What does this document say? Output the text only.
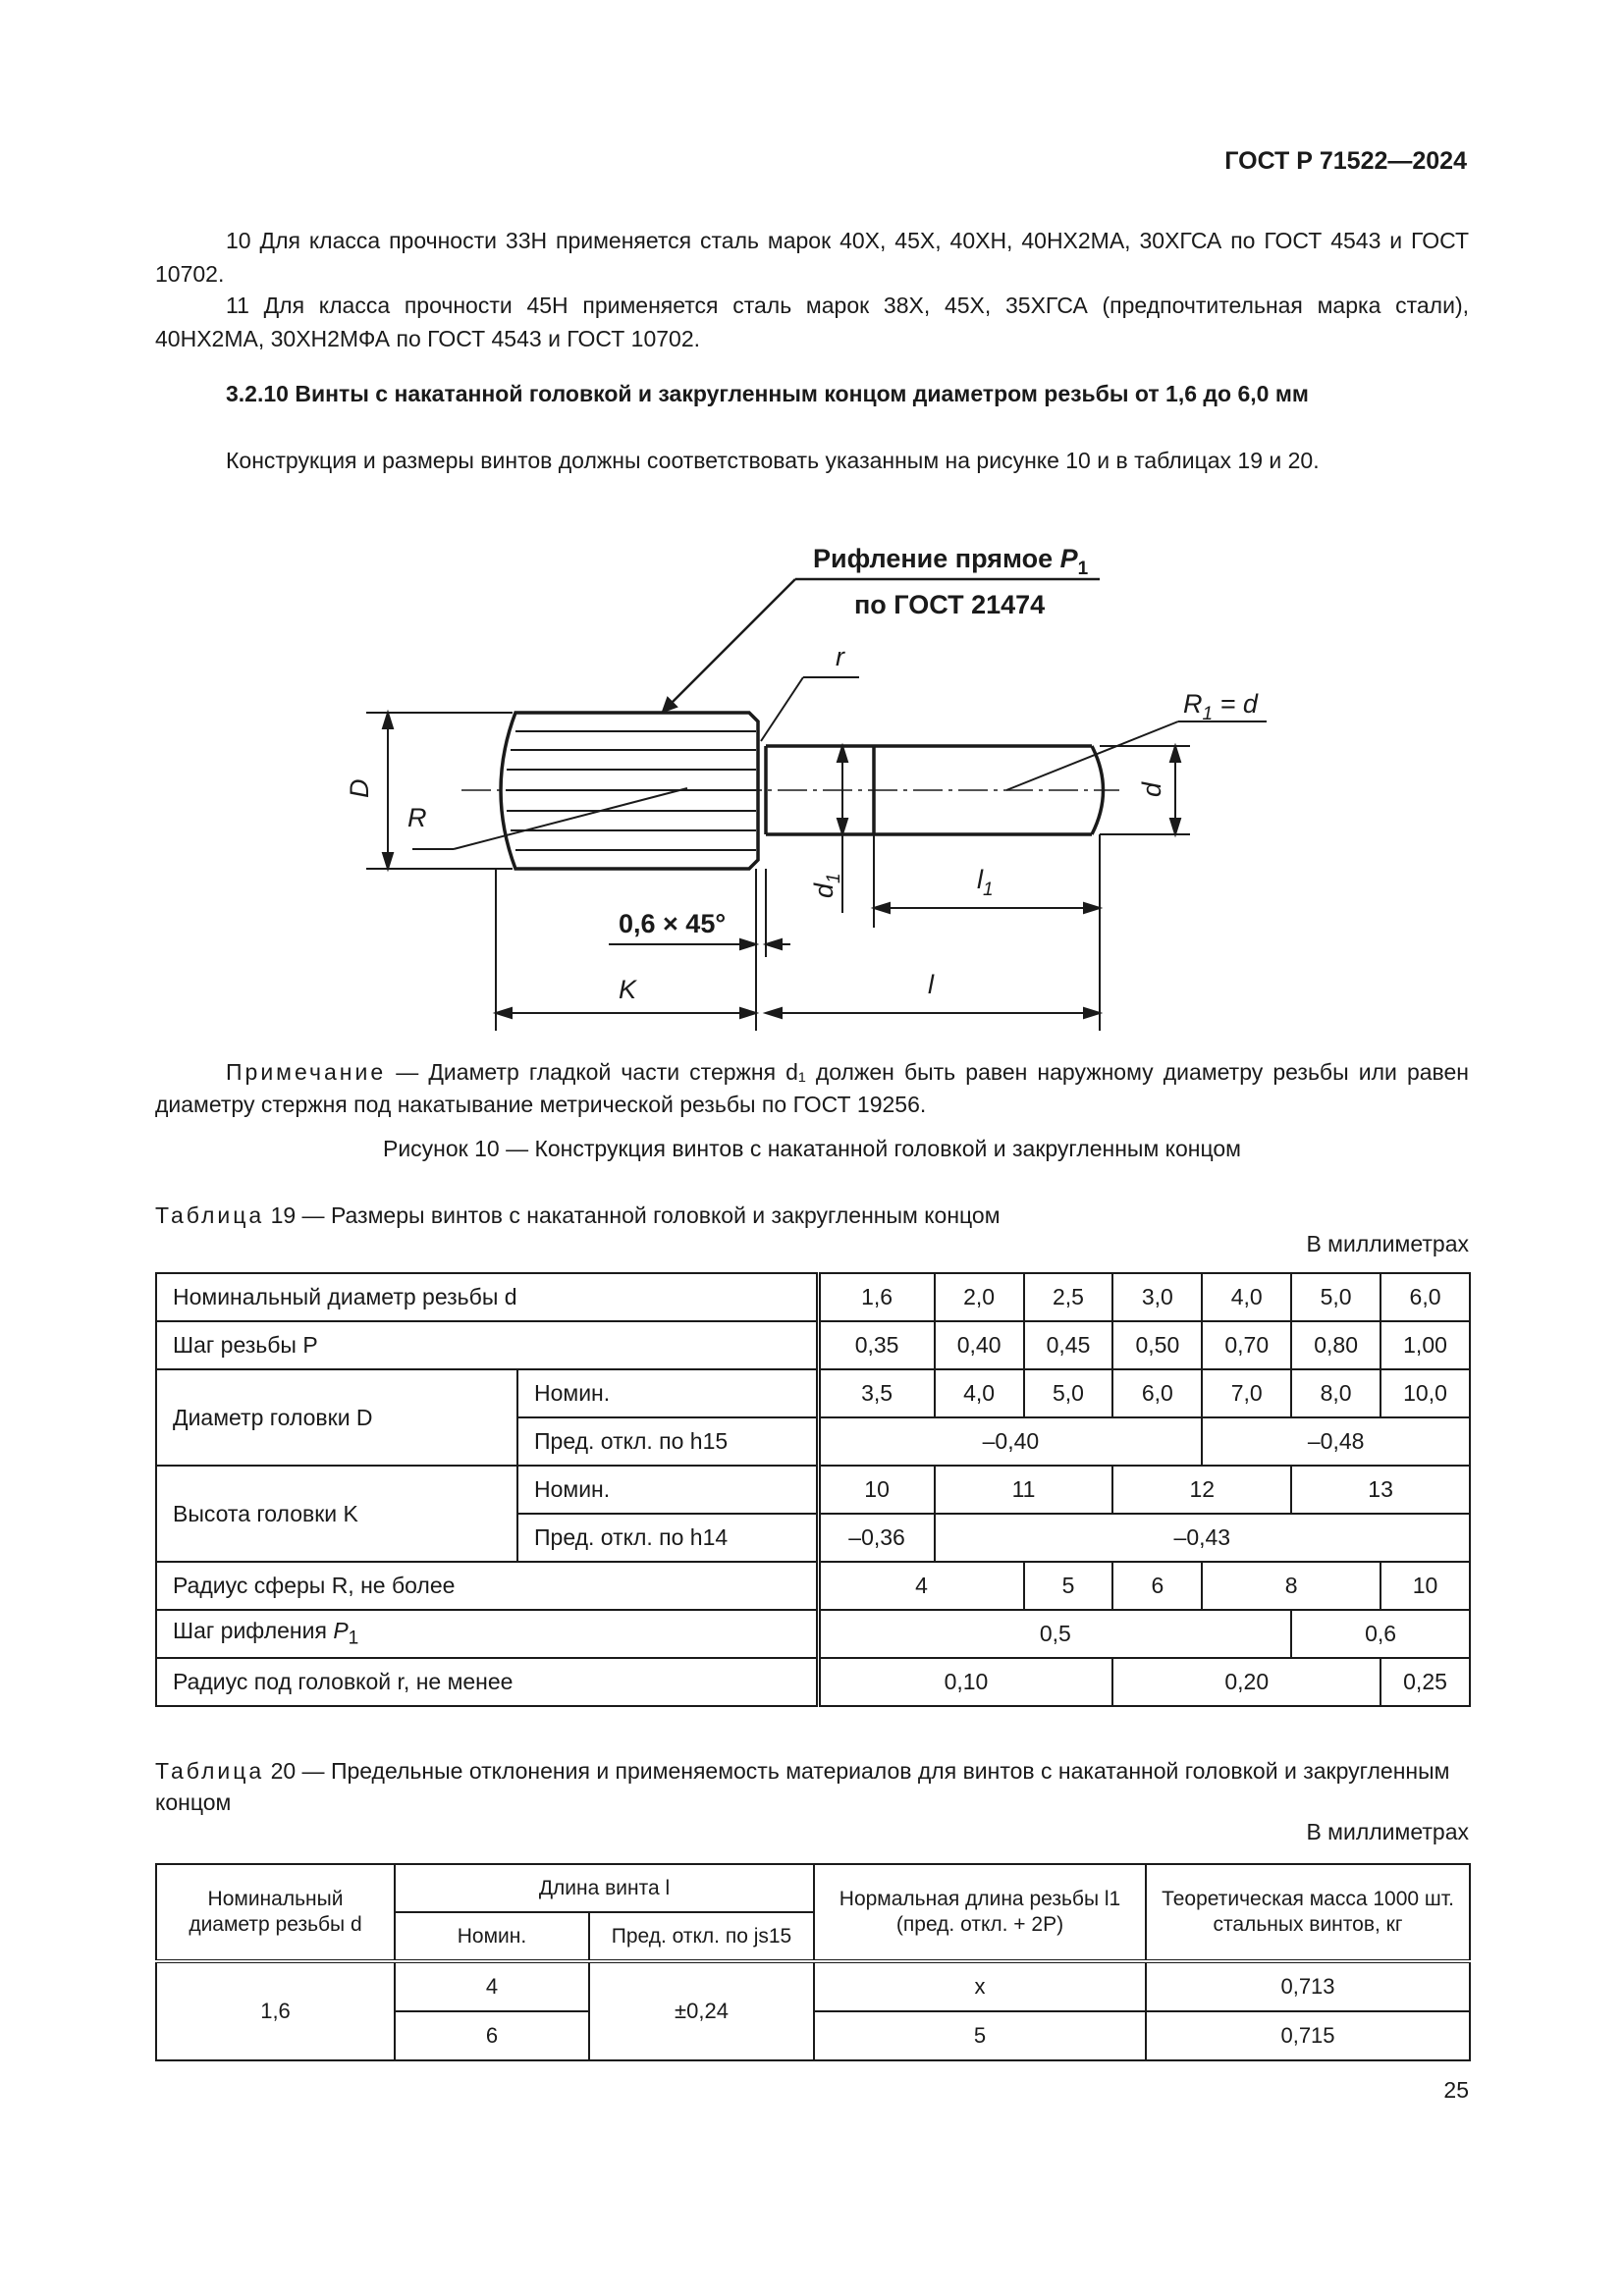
ГОСТ Р 71522—2024
10 Для класса прочности 33Н применяется сталь марок 40Х, 45Х, 40ХН, 40НХ2МА, 30ХГСА по ГОСТ 4543 и ГОСТ 10702.
11 Для класса прочности 45Н применяется сталь марок 38Х, 45Х, 35ХГСА (предпочтительная марка стали), 40НХ2МА, 30ХН2МФА по ГОСТ 4543 и ГОСТ 10702.
3.2.10 Винты с накатанной головкой и закругленным концом диаметром резьбы от 1,6 до 6,0 мм
Конструкция и размеры винтов должны соответствовать указанным на рисунке 10 и в таблицах 19 и 20.
Рифление прямое $P_1$
по ГОСТ 21474
r
$R_1 = d$
D
R
d
$d_1$	$l_1$
0,6 × 45°
K	l
Примечание — Диаметр гладкой части стержня d₁ должен быть равен наружному диаметру резьбы или равен диаметру стержня под накатывание метрической резьбы по ГОСТ 19256.
Рисунок 10 — Конструкция винтов с накатанной головкой и закругленным концом
Таблица 19 — Размеры винтов с накатанной головкой и закругленным концом
В миллиметрах
Номинальный диаметр резьбы d		1,6	2,0	2,5	3,0	4,0	5,0	6,0
Шаг резьбы P		0,35	0,40	0,45	0,50	0,70	0,80	1,00
Диаметр головки D	Номин.	3,5	4,0	5,0	6,0	7,0	8,0	10,0
	Пред. откл. по h15	–0,40				–0,48		
Высота головки K	Номин.	10	11		12		13	
	Пред. откл. по h14	–0,36	–0,43					
Радиус сферы R, не более		4		5	6	8		10
Шаг рифления $P_1$		0,5					0,6	
Радиус под головкой r, не менее		0,10			0,20			0,25
Таблица 20 — Предельные отклонения и применяемость материалов для винтов с накатанной головкой и закругленным концом
В миллиметрах
Номинальный диаметр резьбы d	Длина винта l		Нормальная длина резьбы l1 (пред. откл. + 2P)	Теоретическая масса 1000 шт. стальных винтов, кг
	Номин.	Пред. откл. по js15		
1,6	4	±0,24	x	0,713
	6		5	0,715
25
